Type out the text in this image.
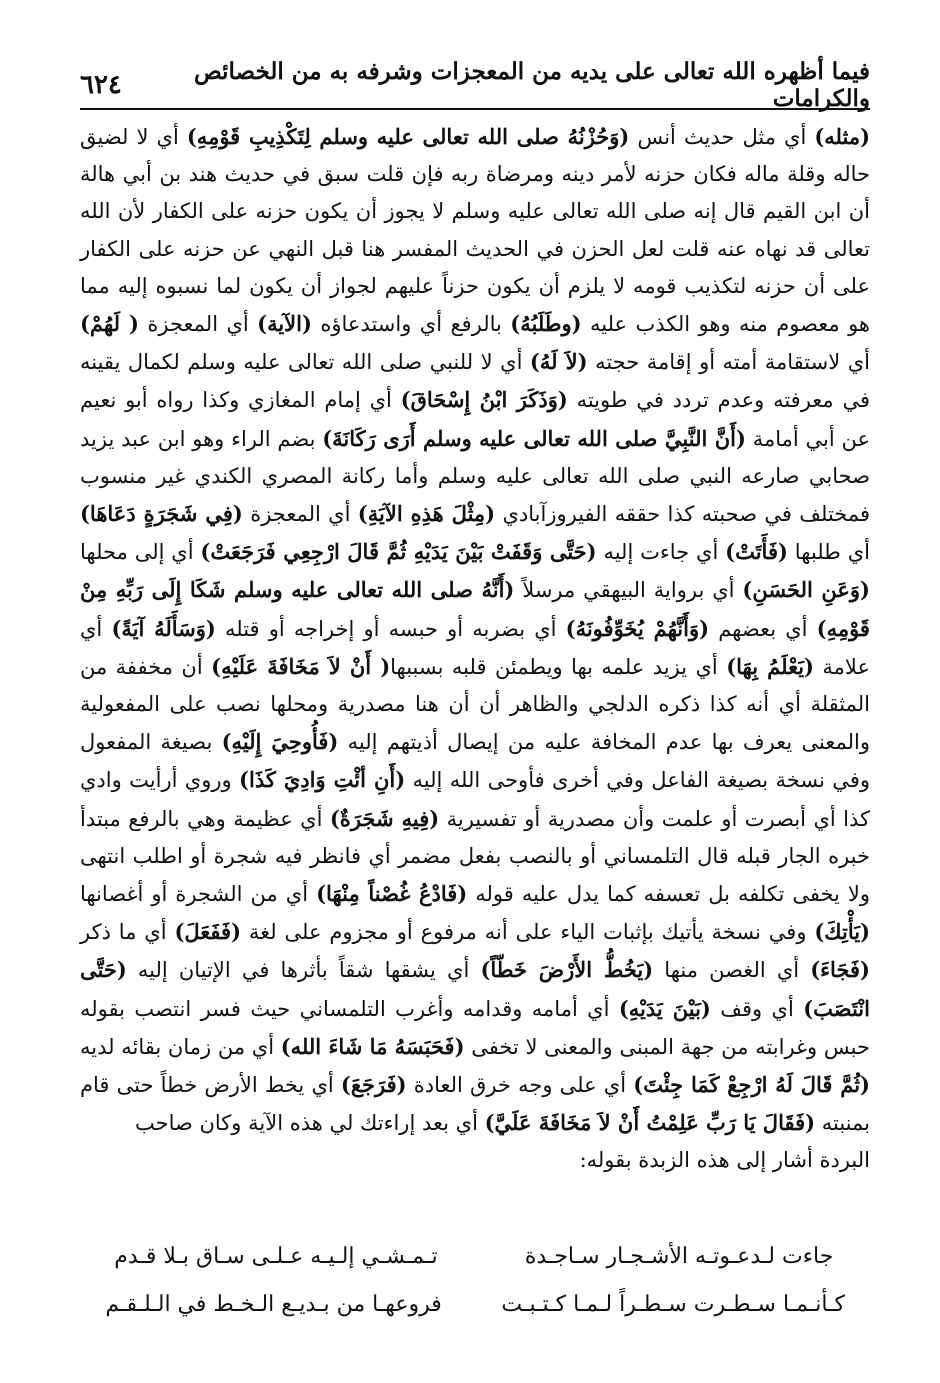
٦٢٤	فيما أظهره الله تعالى على يديه من المعجزات وشرفه به من الخصائص والكرامات

(مثله) أي مثل حديث أنس (وَحُزْنُهُ صلى الله تعالى عليه وسلم لِتَكْذِيبِ قَوْمِهِ) أي لا لضيق حاله وقلة ماله فكان حزنه لأمر دينه ومرضاة ربه فإن قلت سبق في حديث هند بن أبي هالة أن ابن القيم قال إنه صلى الله تعالى عليه وسلم لا يجوز أن يكون حزنه على الكفار لأن الله تعالى قد نهاه عنه قلت لعل الحزن في الحديث المفسر هنا قبل النهي عن حزنه على الكفار على أن حزنه لتكذيب قومه لا يلزم أن يكون حزناً عليهم لجواز أن يكون لما نسبوه إليه مما هو معصوم منه وهو الكذب عليه (وطَلَبُهُ) بالرفع أي واستدعاؤه (الآية) أي المعجزة ( لَهُمْ) أي لاستقامة أمته أو إقامة حجته (لاَ لَهُ) أي لا للنبي صلى الله تعالى عليه وسلم لكمال يقينه في معرفته وعدم تردد في طويته (وَذَكَرَ ابْنُ إِسْحَاقَ) أي إمام المغازي وكذا رواه أبو نعيم عن أبي أمامة (أَنَّ النَّبِيَّ صلى الله تعالى عليه وسلم أَرَى رَكَانَةَ) بضم الراء وهو ابن عبد يزيد صحابي صارعه النبي صلى الله تعالى عليه وسلم وأما ركانة المصري الكندي غير منسوب فمختلف في صحبته كذا حققه الفيروزآبادي (مِثْلَ هَذِهِ الآيَةِ) أي المعجزة (فِي شَجَرَةٍ دَعَاهَا) أي طلبها (فَأَتَتْ) أي جاءت إليه (حَتَّى وَقَفَتْ بَيْنَ يَدَيْهِ ثُمَّ قَالَ ارْجِعِي فَرَجَعَتْ) أي إلى محلها (وَعَنِ الحَسَنِ) أي برواية البيهقي مرسلاً (أَنَّهُ صلى الله تعالى عليه وسلم شَكَا إِلَى رَبِّهِ مِنْ قَوْمِهِ) أي بعضهم (وَأَنَّهُمْ يُخَوِّفُونَهُ) أي بضربه أو حبسه أو إخراجه أو قتله (وَسَأَلَهُ آيَةً) أي علامة (يَعْلَمُ بِهَا) أي يزيد علمه بها ويطمئن قلبه بسببها( أَنْ لاَ مَخَافَةَ عَلَيْهِ) أن مخففة من المثقلة أي أنه كذا ذكره الدلجي والظاهر أن أن هنا مصدرية ومحلها نصب على المفعولية والمعنى يعرف بها عدم المخافة عليه من إيصال أذيتهم إليه (فَأُوحِيَ إِلَيْهِ) بصيغة المفعول وفي نسخة بصيغة الفاعل وفي أخرى فأوحى الله إليه (أَنِ أئْتِ وَادِيَ كَذَا) وروي أرأيت وادي كذا أي أبصرت أو علمت وأن مصدرية أو تفسيرية (فِيهِ شَجَرَةٌ) أي عظيمة وهي بالرفع مبتدأ خبره الجار قبله قال التلمساني أو بالنصب بفعل مضمر أي فانظر فيه شجرة أو اطلب انتهى ولا يخفى تكلفه بل تعسفه كما يدل عليه قوله (فَادْعُ غُصْناً مِنْهَا) أي من الشجرة أو أغصانها (يَأْتِكَ) وفي نسخة يأتيك بإثبات الياء على أنه مرفوع أو مجزوم على لغة (فَفَعَلَ) أي ما ذكر (فَجَاءَ) أي الغصن منها (يَخُطُّ الأَرْضَ خَطّاً) أي يشقها شقاً بأثرها في الإتيان إليه (حَتَّى انْتَصَبَ) أي وقف (بَيْنَ يَدَيْهِ) أي أمامه وقدامه وأغرب التلمساني حيث فسر انتصب بقوله حبس وغرابته من جهة المبنى والمعنى لا تخفى (فَحَبَسَهُ مَا شَاءَ الله) أي من زمان بقائه لديه (ثُمَّ قَالَ لَهُ ارْجِعْ كَمَا جِئْتَ) أي على وجه خرق العادة (فَرَجَعَ) أي يخط الأرض خطاً حتى قام بمنبته (فَقَالَ يَا رَبِّ عَلِمْتُ أَنْ لاَ مَخَافَةَ عَلَيَّ) أي بعد إراءتك لي هذه الآية وكان صاحب

البردة أشار إلى هذه الزبدة بقوله:

جاءت لـدعـوتـه الأشـجـار سـاجـدة
تـمـشـي إلـيـه عـلـى سـاق بـلا قـدم
كـأنـمـا سـطـرت سـطـراً لـمـا كـتـبـت
فروعهـا من بـديـع الـخـط في الـلـقـم
